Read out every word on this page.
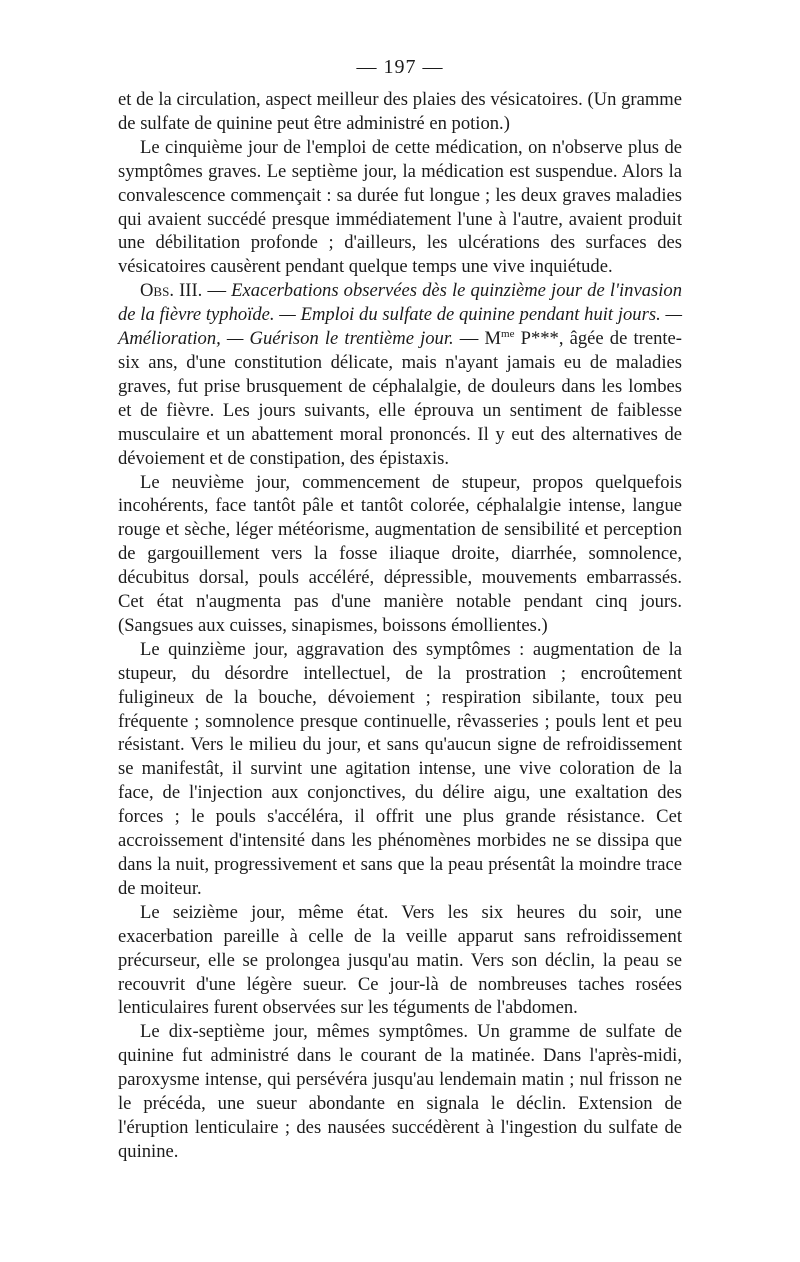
— 197 —

et de la circulation, aspect meilleur des plaies des vésicatoires. (Un gramme de sulfate de quinine peut être administré en potion.)

Le cinquième jour de l'emploi de cette médication, on n'observe plus de symptômes graves. Le septième jour, la médication est suspendue. Alors la convalescence commençait : sa durée fut longue ; les deux graves maladies qui avaient succédé presque immédiatement l'une à l'autre, avaient produit une débilitation profonde ; d'ailleurs, les ulcérations des surfaces des vésicatoires causèrent pendant quelque temps une vive inquiétude.

Obs. III. — Exacerbations observées dès le quinzième jour de l'invasion de la fièvre typhoïde. — Emploi du sulfate de quinine pendant huit jours. — Amélioration, — Guérison le trentième jour. — $M^{me}$ P***, âgée de trente-six ans, d'une constitution délicate, mais n'ayant jamais eu de maladies graves, fut prise brusquement de céphalalgie, de douleurs dans les lombes et de fièvre. Les jours suivants, elle éprouva un sentiment de faiblesse musculaire et un abattement moral prononcés. Il y eut des alternatives de dévoiement et de constipation, des épistaxis.

Le neuvième jour, commencement de stupeur, propos quelquefois incohérents, face tantôt pâle et tantôt colorée, céphalalgie intense, langue rouge et sèche, léger météorisme, augmentation de sensibilité et perception de gargouillement vers la fosse iliaque droite, diarrhée, somnolence, décubitus dorsal, pouls accéléré, dépressible, mouvements embarrassés. Cet état n'augmenta pas d'une manière notable pendant cinq jours. (Sangsues aux cuisses, sinapismes, boissons émollientes.)

Le quinzième jour, aggravation des symptômes : augmentation de la stupeur, du désordre intellectuel, de la prostration ; encroûtement fuligineux de la bouche, dévoiement ; respiration sibilante, toux peu fréquente ; somnolence presque continuelle, rêvasseries ; pouls lent et peu résistant. Vers le milieu du jour, et sans qu'aucun signe de refroidissement se manifestât, il survint une agitation intense, une vive coloration de la face, de l'injection aux conjonctives, du délire aigu, une exaltation des forces ; le pouls s'accéléra, il offrit une plus grande résistance. Cet accroissement d'intensité dans les phénomènes morbides ne se dissipa que dans la nuit, progressivement et sans que la peau présentât la moindre trace de moiteur.

Le seizième jour, même état. Vers les six heures du soir, une exacerbation pareille à celle de la veille apparut sans refroidissement précurseur, elle se prolongea jusqu'au matin. Vers son déclin, la peau se recouvrit d'une légère sueur. Ce jour-là de nombreuses taches rosées lenticulaires furent observées sur les téguments de l'abdomen.

Le dix-septième jour, mêmes symptômes. Un gramme de sulfate de quinine fut administré dans le courant de la matinée. Dans l'après-midi, paroxysme intense, qui persévéra jusqu'au lendemain matin ; nul frisson ne le précéda, une sueur abondante en signala le déclin. Extension de l'éruption lenticulaire ; des nausées succédèrent à l'ingestion du sulfate de quinine.
